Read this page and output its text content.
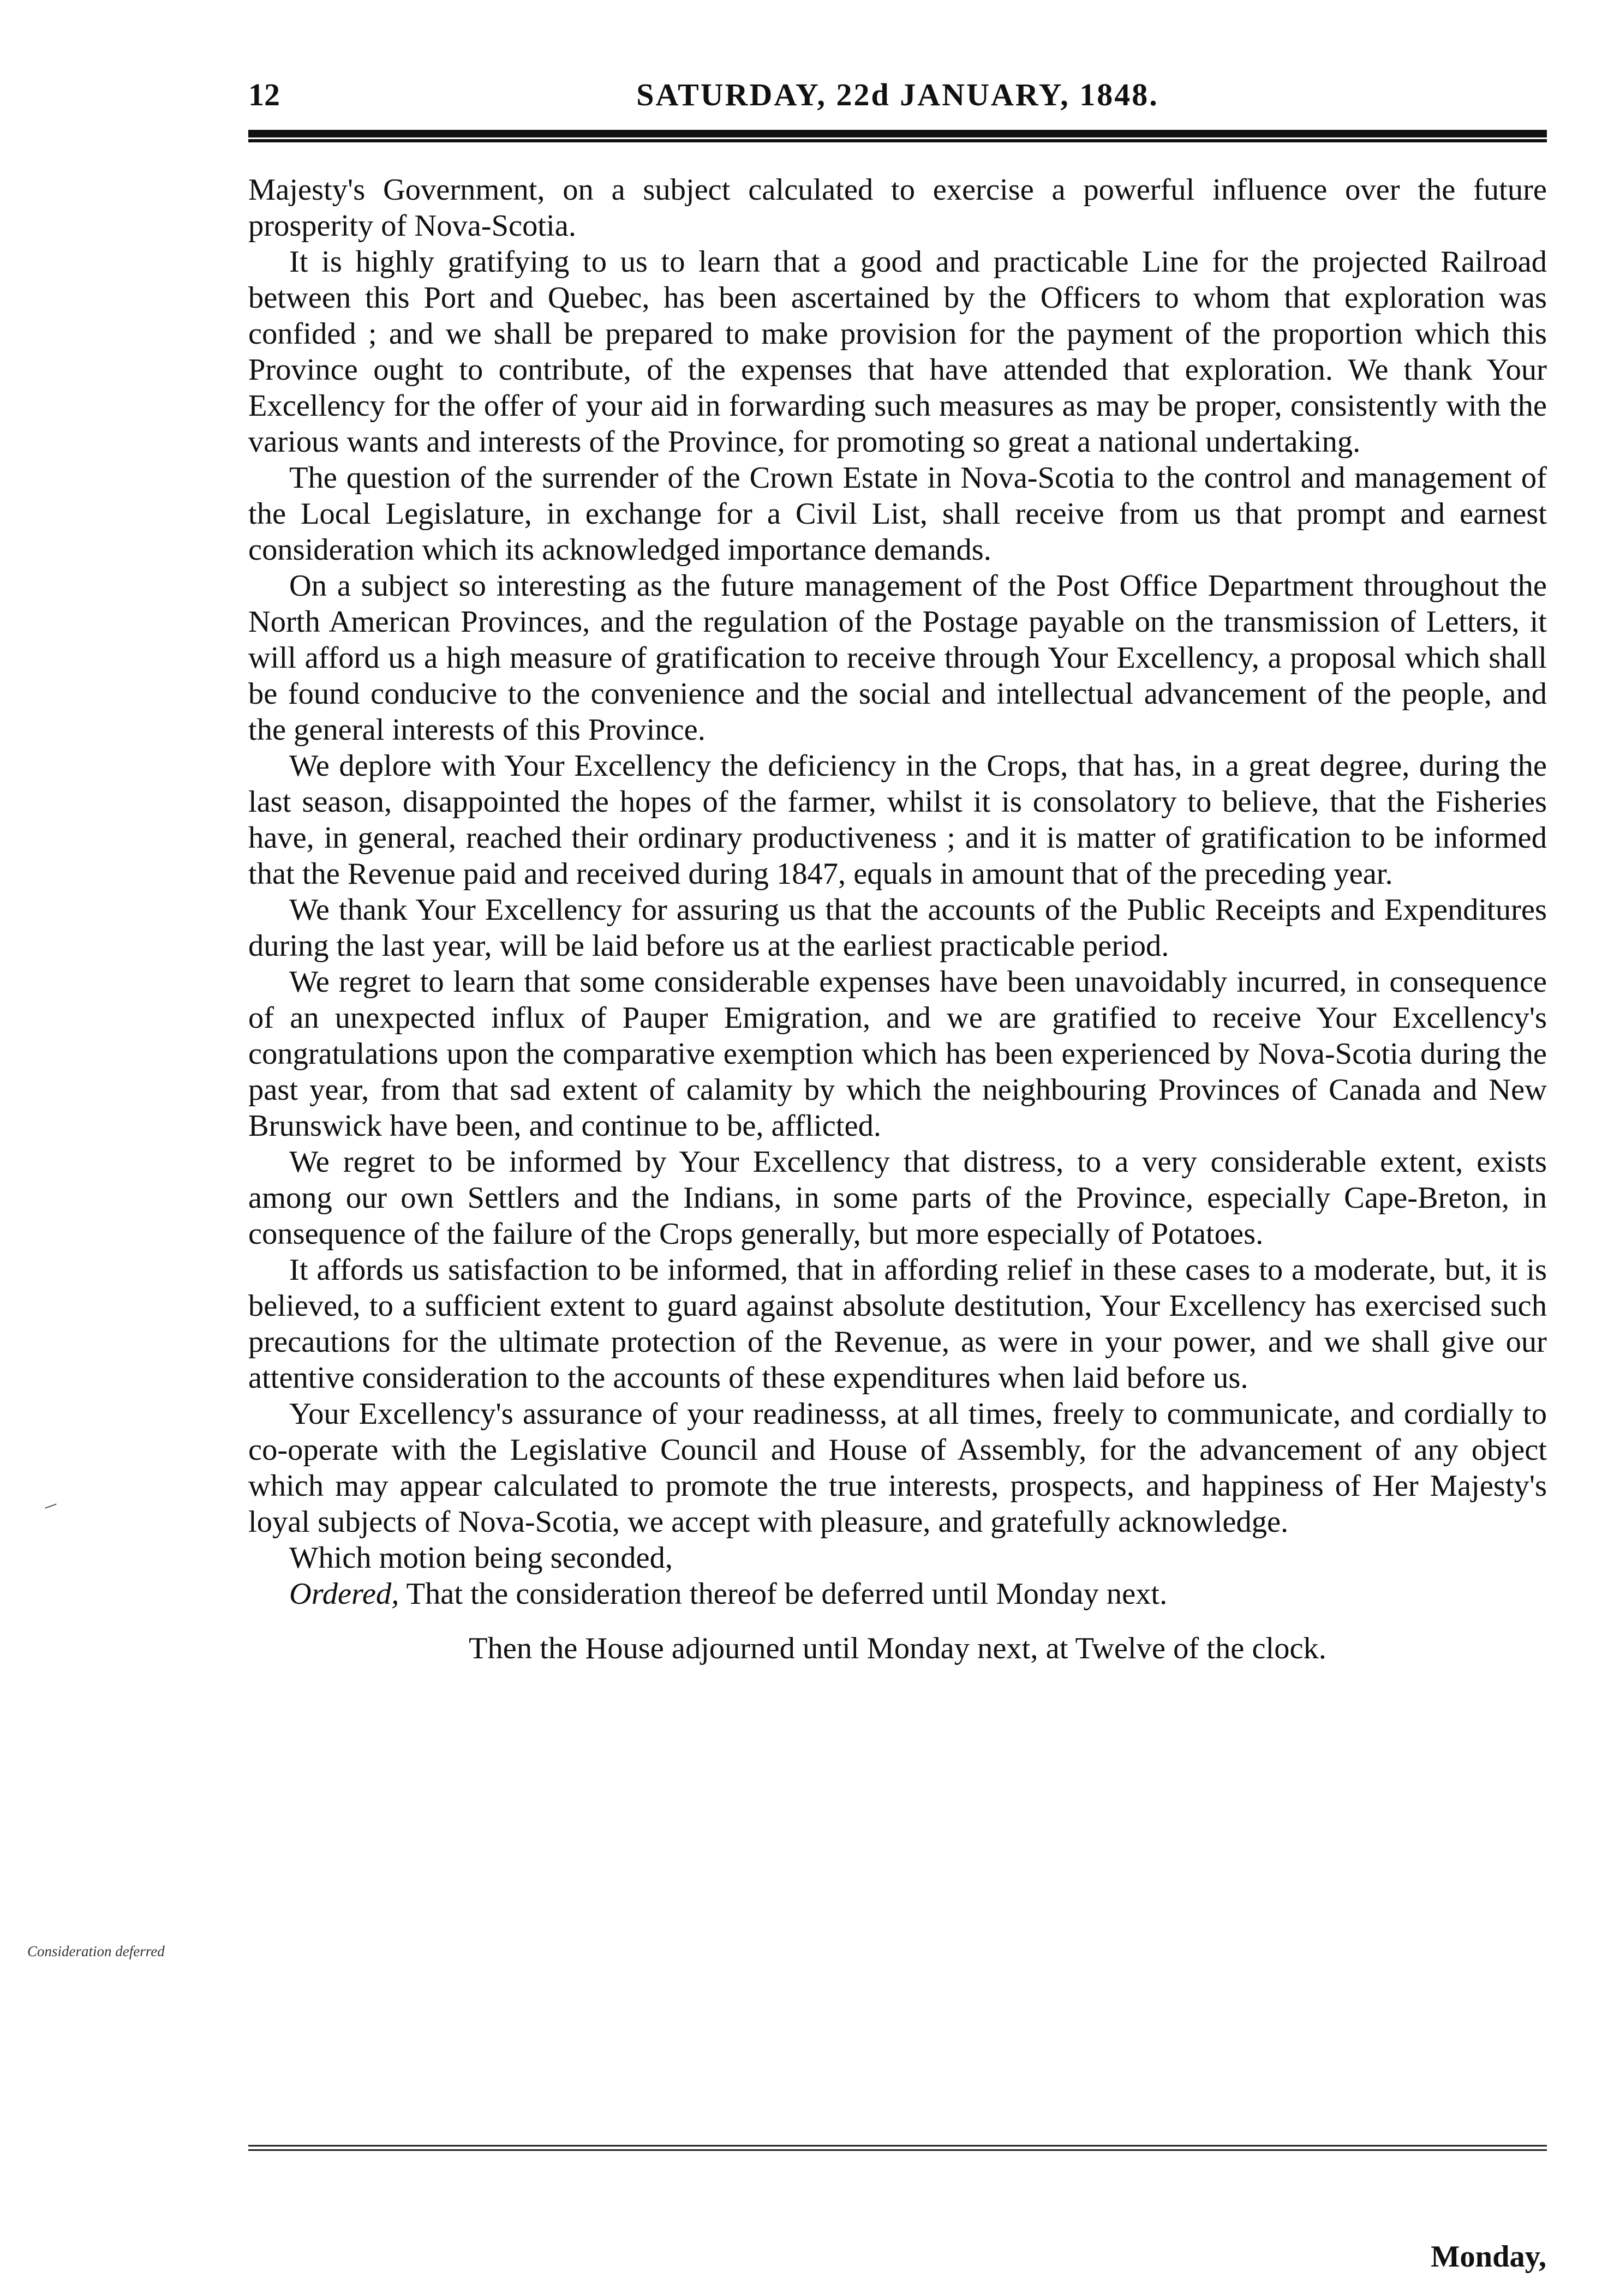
12	SATURDAY, 22d JANUARY, 1848.

Majesty's Government, on a subject calculated to exercise a powerful influence over the future prosperity of Nova-Scotia.

It is highly gratifying to us to learn that a good and practicable Line for the projected Railroad between this Port and Quebec, has been ascertained by the Officers to whom that exploration was confided ; and we shall be prepared to make provision for the payment of the proportion which this Province ought to contribute, of the expenses that have attended that exploration. We thank Your Excellency for the offer of your aid in forwarding such measures as may be proper, consistently with the various wants and interests of the Province, for promoting so great a national undertaking.

The question of the surrender of the Crown Estate in Nova-Scotia to the control and management of the Local Legislature, in exchange for a Civil List, shall receive from us that prompt and earnest consideration which its acknowledged importance demands.

On a subject so interesting as the future management of the Post Office Department throughout the North American Provinces, and the regulation of the Postage payable on the transmission of Letters, it will afford us a high measure of gratification to receive through Your Excellency, a proposal which shall be found conducive to the convenience and the social and intellectual advancement of the people, and the general interests of this Province.

We deplore with Your Excellency the deficiency in the Crops, that has, in a great degree, during the last season, disappointed the hopes of the farmer, whilst it is consolatory to believe, that the Fisheries have, in general, reached their ordinary productiveness ; and it is matter of gratification to be informed that the Revenue paid and received during 1847, equals in amount that of the preceding year.

We thank Your Excellency for assuring us that the accounts of the Public Receipts and Expenditures during the last year, will be laid before us at the earliest practicable period.

We regret to learn that some considerable expenses have been unavoidably incurred, in consequence of an unexpected influx of Pauper Emigration, and we are gratified to receive Your Excellency's congratulations upon the comparative exemption which has been experienced by Nova-Scotia during the past year, from that sad extent of calamity by which the neighbouring Provinces of Canada and New Brunswick have been, and continue to be, afflicted.

We regret to be informed by Your Excellency that distress, to a very considerable extent, exists among our own Settlers and the Indians, in some parts of the Province, especially Cape-Breton, in consequence of the failure of the Crops generally, but more especially of Potatoes.

It affords us satisfaction to be informed, that in affording relief in these cases to a moderate, but, it is believed, to a sufficient extent to guard against absolute destitution, Your Excellency has exercised such precautions for the ultimate protection of the Revenue, as were in your power, and we shall give our attentive consideration to the accounts of these expenditures when laid before us.

Your Excellency's assurance of your readinesss, at all times, freely to communicate, and cordially to co-operate with the Legislative Council and House of Assembly, for the advancement of any object which may appear calculated to promote the true interests, prospects, and happiness of Her Majesty's loyal subjects of Nova-Scotia, we accept with pleasure, and gratefully acknowledge.

Which motion being seconded,

Ordered, That the consideration thereof be deferred until Monday next.

Then the House adjourned until Monday next, at Twelve of the clock.

Consideration deferred
Monday,
